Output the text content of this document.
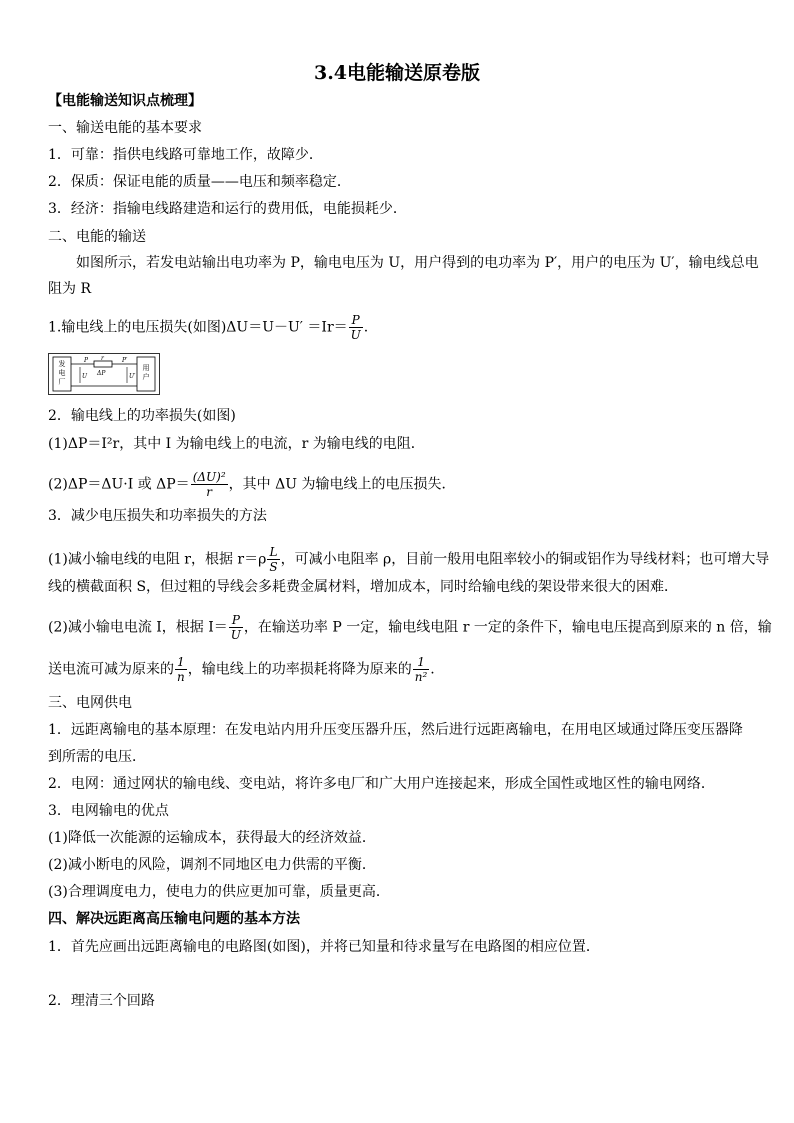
3.4电能输送原卷版
【电能输送知识点梳理】
一、输送电能的基本要求
1．可靠：指供电线路可靠地工作，故障少．
2．保质：保证电能的质量——电压和频率稳定．
3．经济：指输电线路建造和运行的费用低，电能损耗少．
二、电能的输送
如图所示，若发电站输出电功率为 P，输电电压为 U，用户得到的电功率为 P′，用户的电压为 U′，输电线总电
阻为 R
1.输电线上的电压损失(如图)$\Delta U=U-U' =Ir= \frac{P}{U}$ .
发电厂
用户
P r	P′
U ΔP	U′
2．输电线上的功率损失(如图)
(1)ΔP＝I²r，其中 I 为输电线上的电流，r 为输电线的电阻．
(2)ΔP＝ΔU·I 或 $\Delta P= \frac{\text{(ΔU)²}}{r}$ ，其中 ΔU 为输电线上的电压损失．
3．减少电压损失和功率损失的方法
(1)减小输电线的电阻 r，根据 $r=\rho \frac{L}{S}$ ，可减小电阻率 ρ，目前一般用电阻率较小的铜或铝作为导线材料；也可增大导
线的横截面积 S，但过粗的导线会多耗费金属材料，增加成本，同时给输电线的架设带来很大的困难．
(2)减小输电电流 I，根据 $I= \frac{P}{U}$ ，在输送功率 P 一定，输电线电阻 r 一定的条件下，输电电压提高到原来的 n 倍，输
送电流可减为原来的 $\frac{1}{n}$ ，输电线上的功率损耗将降为原来的 $\frac{1}{\text{n²}}$ .
三、电网供电
1．远距离输电的基本原理：在发电站内用升压变压器升压，然后进行远距离输电，在用电区域通过降压变压器降
到所需的电压．
2．电网：通过网状的输电线、变电站，将许多电厂和广大用户连接起来，形成全国性或地区性的输电网络．
3．电网输电的优点
(1)降低一次能源的运输成本，获得最大的经济效益．
(2)减小断电的风险，调剂不同地区电力供需的平衡．
(3)合理调度电力，使电力的供应更加可靠，质量更高．
四、解决远距离高压输电问题的基本方法
1．首先应画出远距离输电的电路图(如图)，并将已知量和待求量写在电路图的相应位置．
2．理清三个回路
